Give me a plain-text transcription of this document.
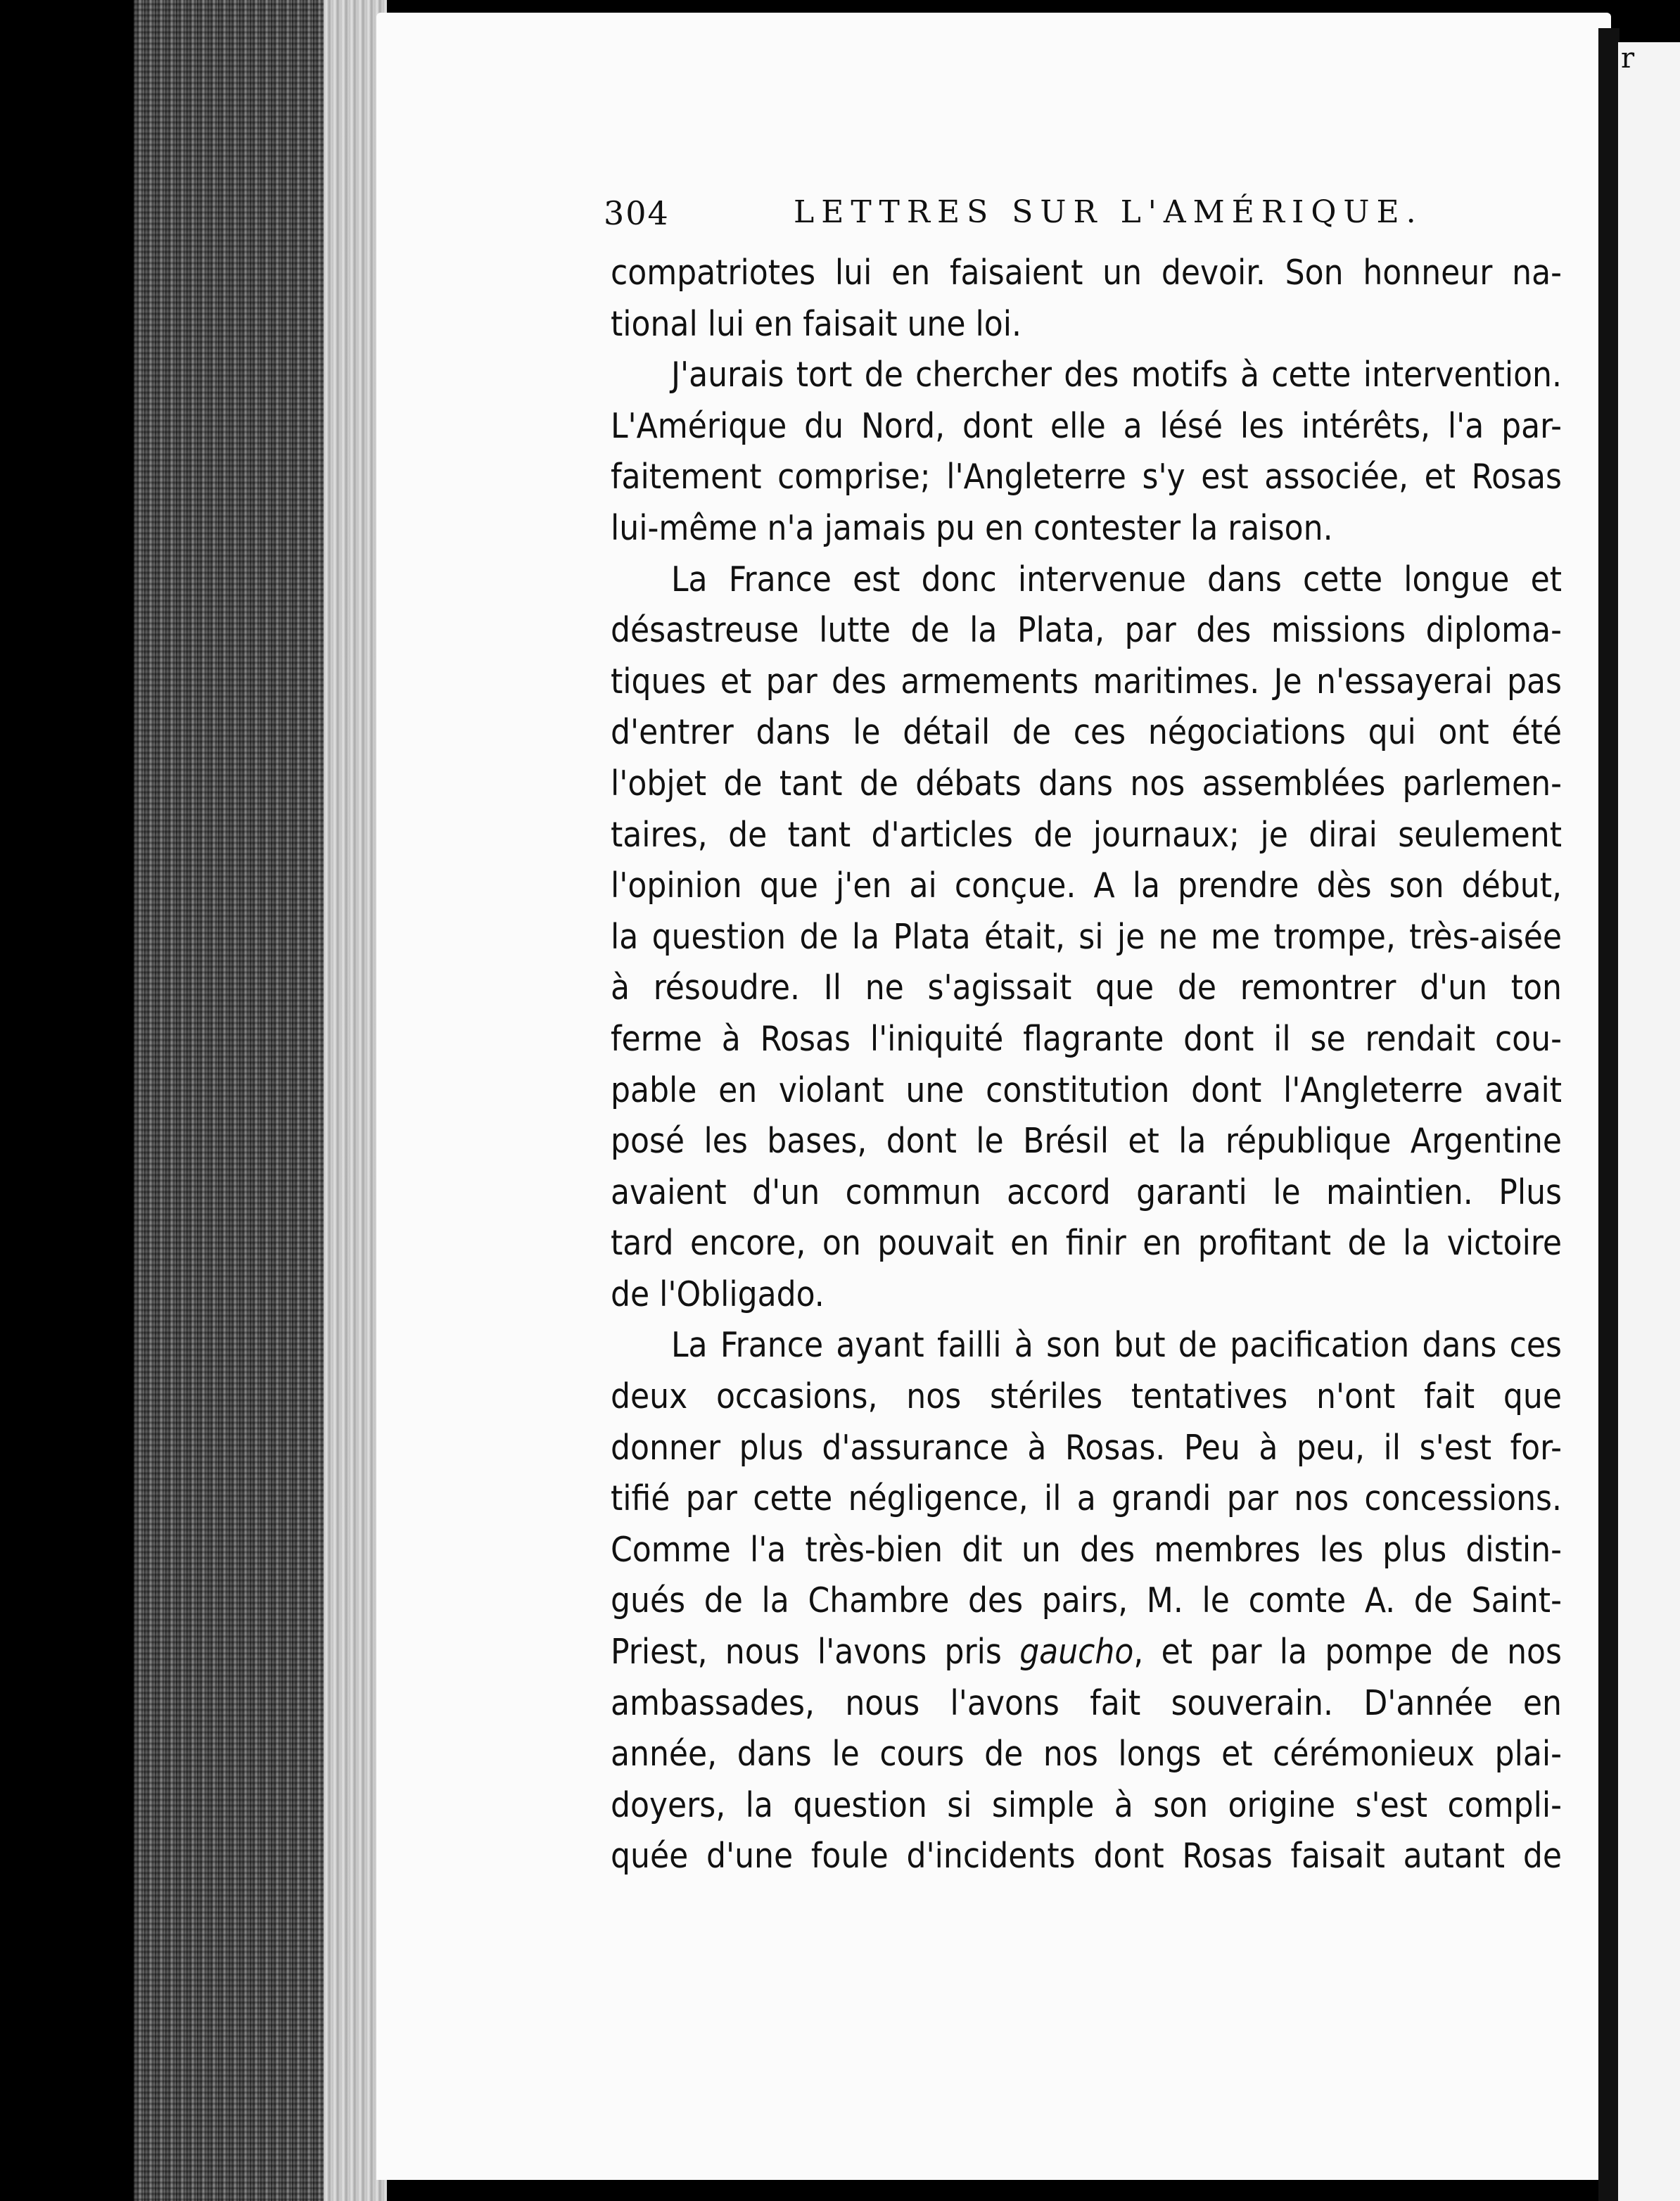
304	LETTRES SUR L'AMÉRIQUE.
compatriotes lui en faisaient un devoir. Son honneur na-
tional lui en faisait une loi.
J'aurais tort de chercher des motifs à cette intervention.
L'Amérique du Nord, dont elle a lésé les intérêts, l'a par-
faitement comprise; l'Angleterre s'y est associée, et Rosas
lui-même n'a jamais pu en contester la raison.
La France est donc intervenue dans cette longue et
désastreuse lutte de la Plata, par des missions diploma-
tiques et par des armements maritimes. Je n'essayerai pas
d'entrer dans le détail de ces négociations qui ont été
l'objet de tant de débats dans nos assemblées parlemen-
taires, de tant d'articles de journaux; je dirai seulement
l'opinion que j'en ai conçue. A la prendre dès son début,
la question de la Plata était, si je ne me trompe, très-aisée
à résoudre. Il ne s'agissait que de remontrer d'un ton
ferme à Rosas l'iniquité flagrante dont il se rendait cou-
pable en violant une constitution dont l'Angleterre avait
posé les bases, dont le Brésil et la république Argentine
avaient d'un commun accord garanti le maintien. Plus
tard encore, on pouvait en finir en profitant de la victoire
de l'Obligado.
La France ayant failli à son but de pacification dans ces
deux occasions, nos stériles tentatives n'ont fait que
donner plus d'assurance à Rosas. Peu à peu, il s'est for-
tifié par cette négligence, il a grandi par nos concessions.
Comme l'a très-bien dit un des membres les plus distin-
gués de la Chambre des pairs, M. le comte A. de Saint-
Priest, nous l'avons pris gaucho, et par la pompe de nos
ambassades, nous l'avons fait souverain. D'année en
année, dans le cours de nos longs et cérémonieux plai-
doyers, la question si simple à son origine s'est compli-
quée d'une foule d'incidents dont Rosas faisait autant de
r
